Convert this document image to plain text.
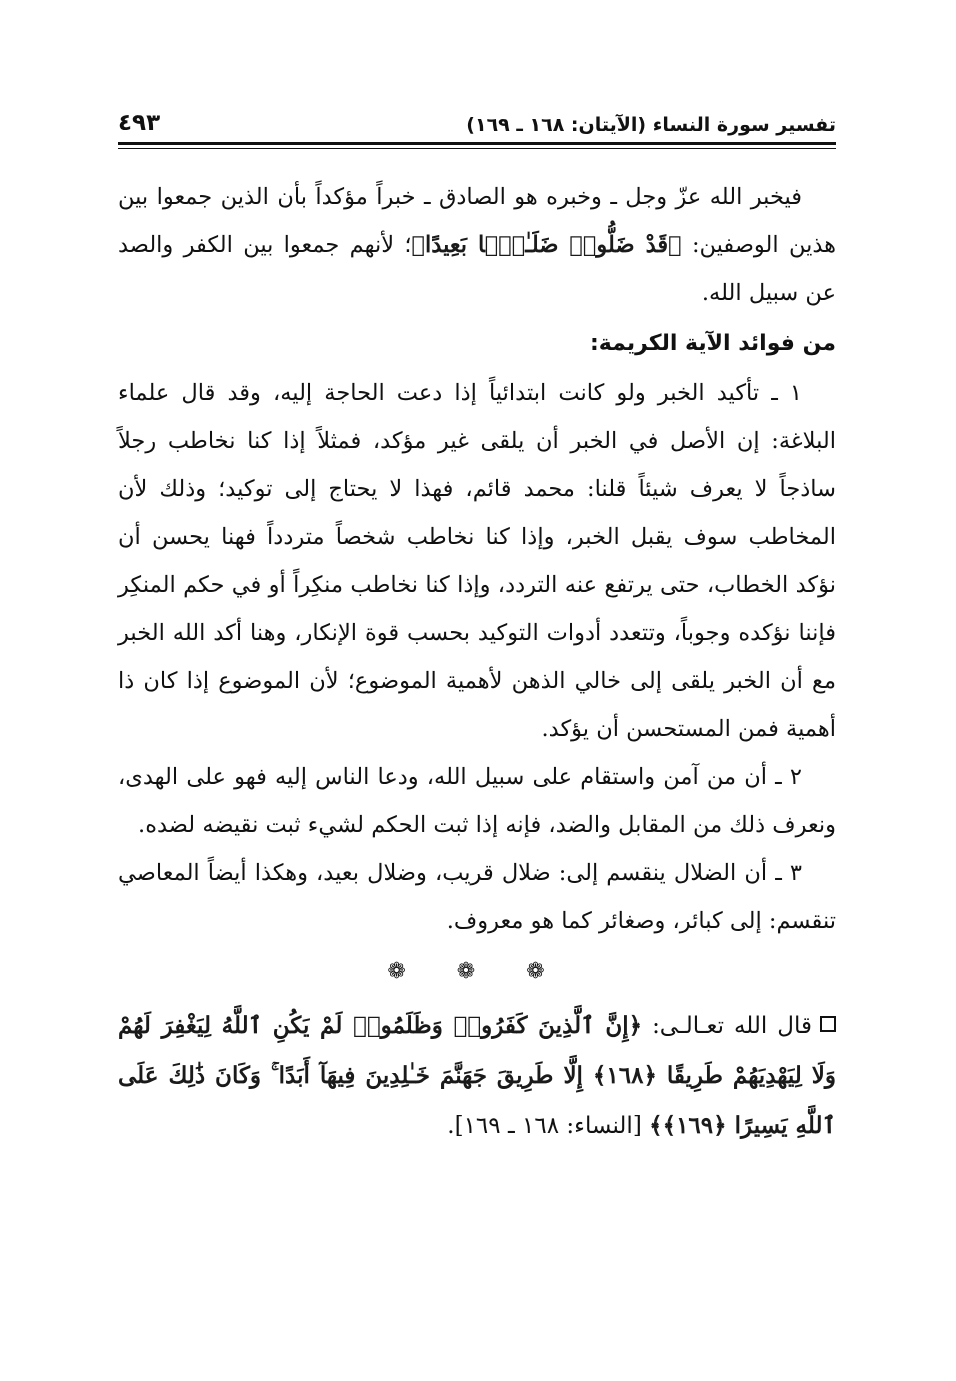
تفسير سورة النساء (الآيتان: ١٦٨ ـ ١٦٩)
٤٩٣

فيخبر الله عزّ وجل ـ وخبره هو الصادق ـ خبراً مؤكداً بأن الذين جمعوا بين هذين الوصفين: ﴿قَدْ ضَلُّوا۟ ضَلَـٰلًۢا بَعِيدًا﴾؛ لأنهم جمعوا بين الكفر والصد عن سبيل الله.

من فوائد الآية الكريمة:

١ ـ تأكيد الخبر ولو كانت ابتدائياً إذا دعت الحاجة إليه، وقد قال علماء البلاغة: إن الأصل في الخبر أن يلقى غير مؤكد، فمثلاً إذا كنا نخاطب رجلاً ساذجاً لا يعرف شيئاً قلنا: محمد قائم، فهذا لا يحتاج إلى توكيد؛ وذلك لأن المخاطب سوف يقبل الخبر، وإذا كنا نخاطب شخصاً متردداً فهنا يحسن أن نؤكد الخطاب، حتى يرتفع عنه التردد، وإذا كنا نخاطب منكِراً أو في حكم المنكِر فإننا نؤكده وجوباً، وتتعدد أدوات التوكيد بحسب قوة الإنكار، وهنا أكد الله الخبر مع أن الخبر يلقى إلى خالي الذهن لأهمية الموضوع؛ لأن الموضوع إذا كان ذا أهمية فمن المستحسن أن يؤكد.

٢ ـ أن من آمن واستقام على سبيل الله، ودعا الناس إليه فهو على الهدى، ونعرف ذلك من المقابل والضد، فإنه إذا ثبت الحكم لشيء ثبت نقيضه لضده.

٣ ـ أن الضلال ينقسم إلى: ضلال قريب، وضلال بعيد، وهكذا أيضاً المعاصي تنقسم: إلى كبائر، وصغائر كما هو معروف.

❁ ❁ ❁

قال الله تعـالـى: ﴿إِنَّ ٱلَّذِينَ كَفَرُوا۟ وَظَلَمُوا۟ لَمْ يَكُنِ ٱللَّهُ لِيَغْفِرَ لَهُمْ وَلَا لِيَهْدِيَهُمْ طَرِيقًا ﴿١٦٨﴾ إِلَّا طَرِيقَ جَهَنَّمَ خَـٰلِدِينَ فِيهَآ أَبَدًا ۚ وَكَانَ ذَٰلِكَ عَلَى ٱللَّهِ يَسِيرًا ﴿١٦٩﴾﴾ [النساء: ١٦٨ ـ ١٦٩].
